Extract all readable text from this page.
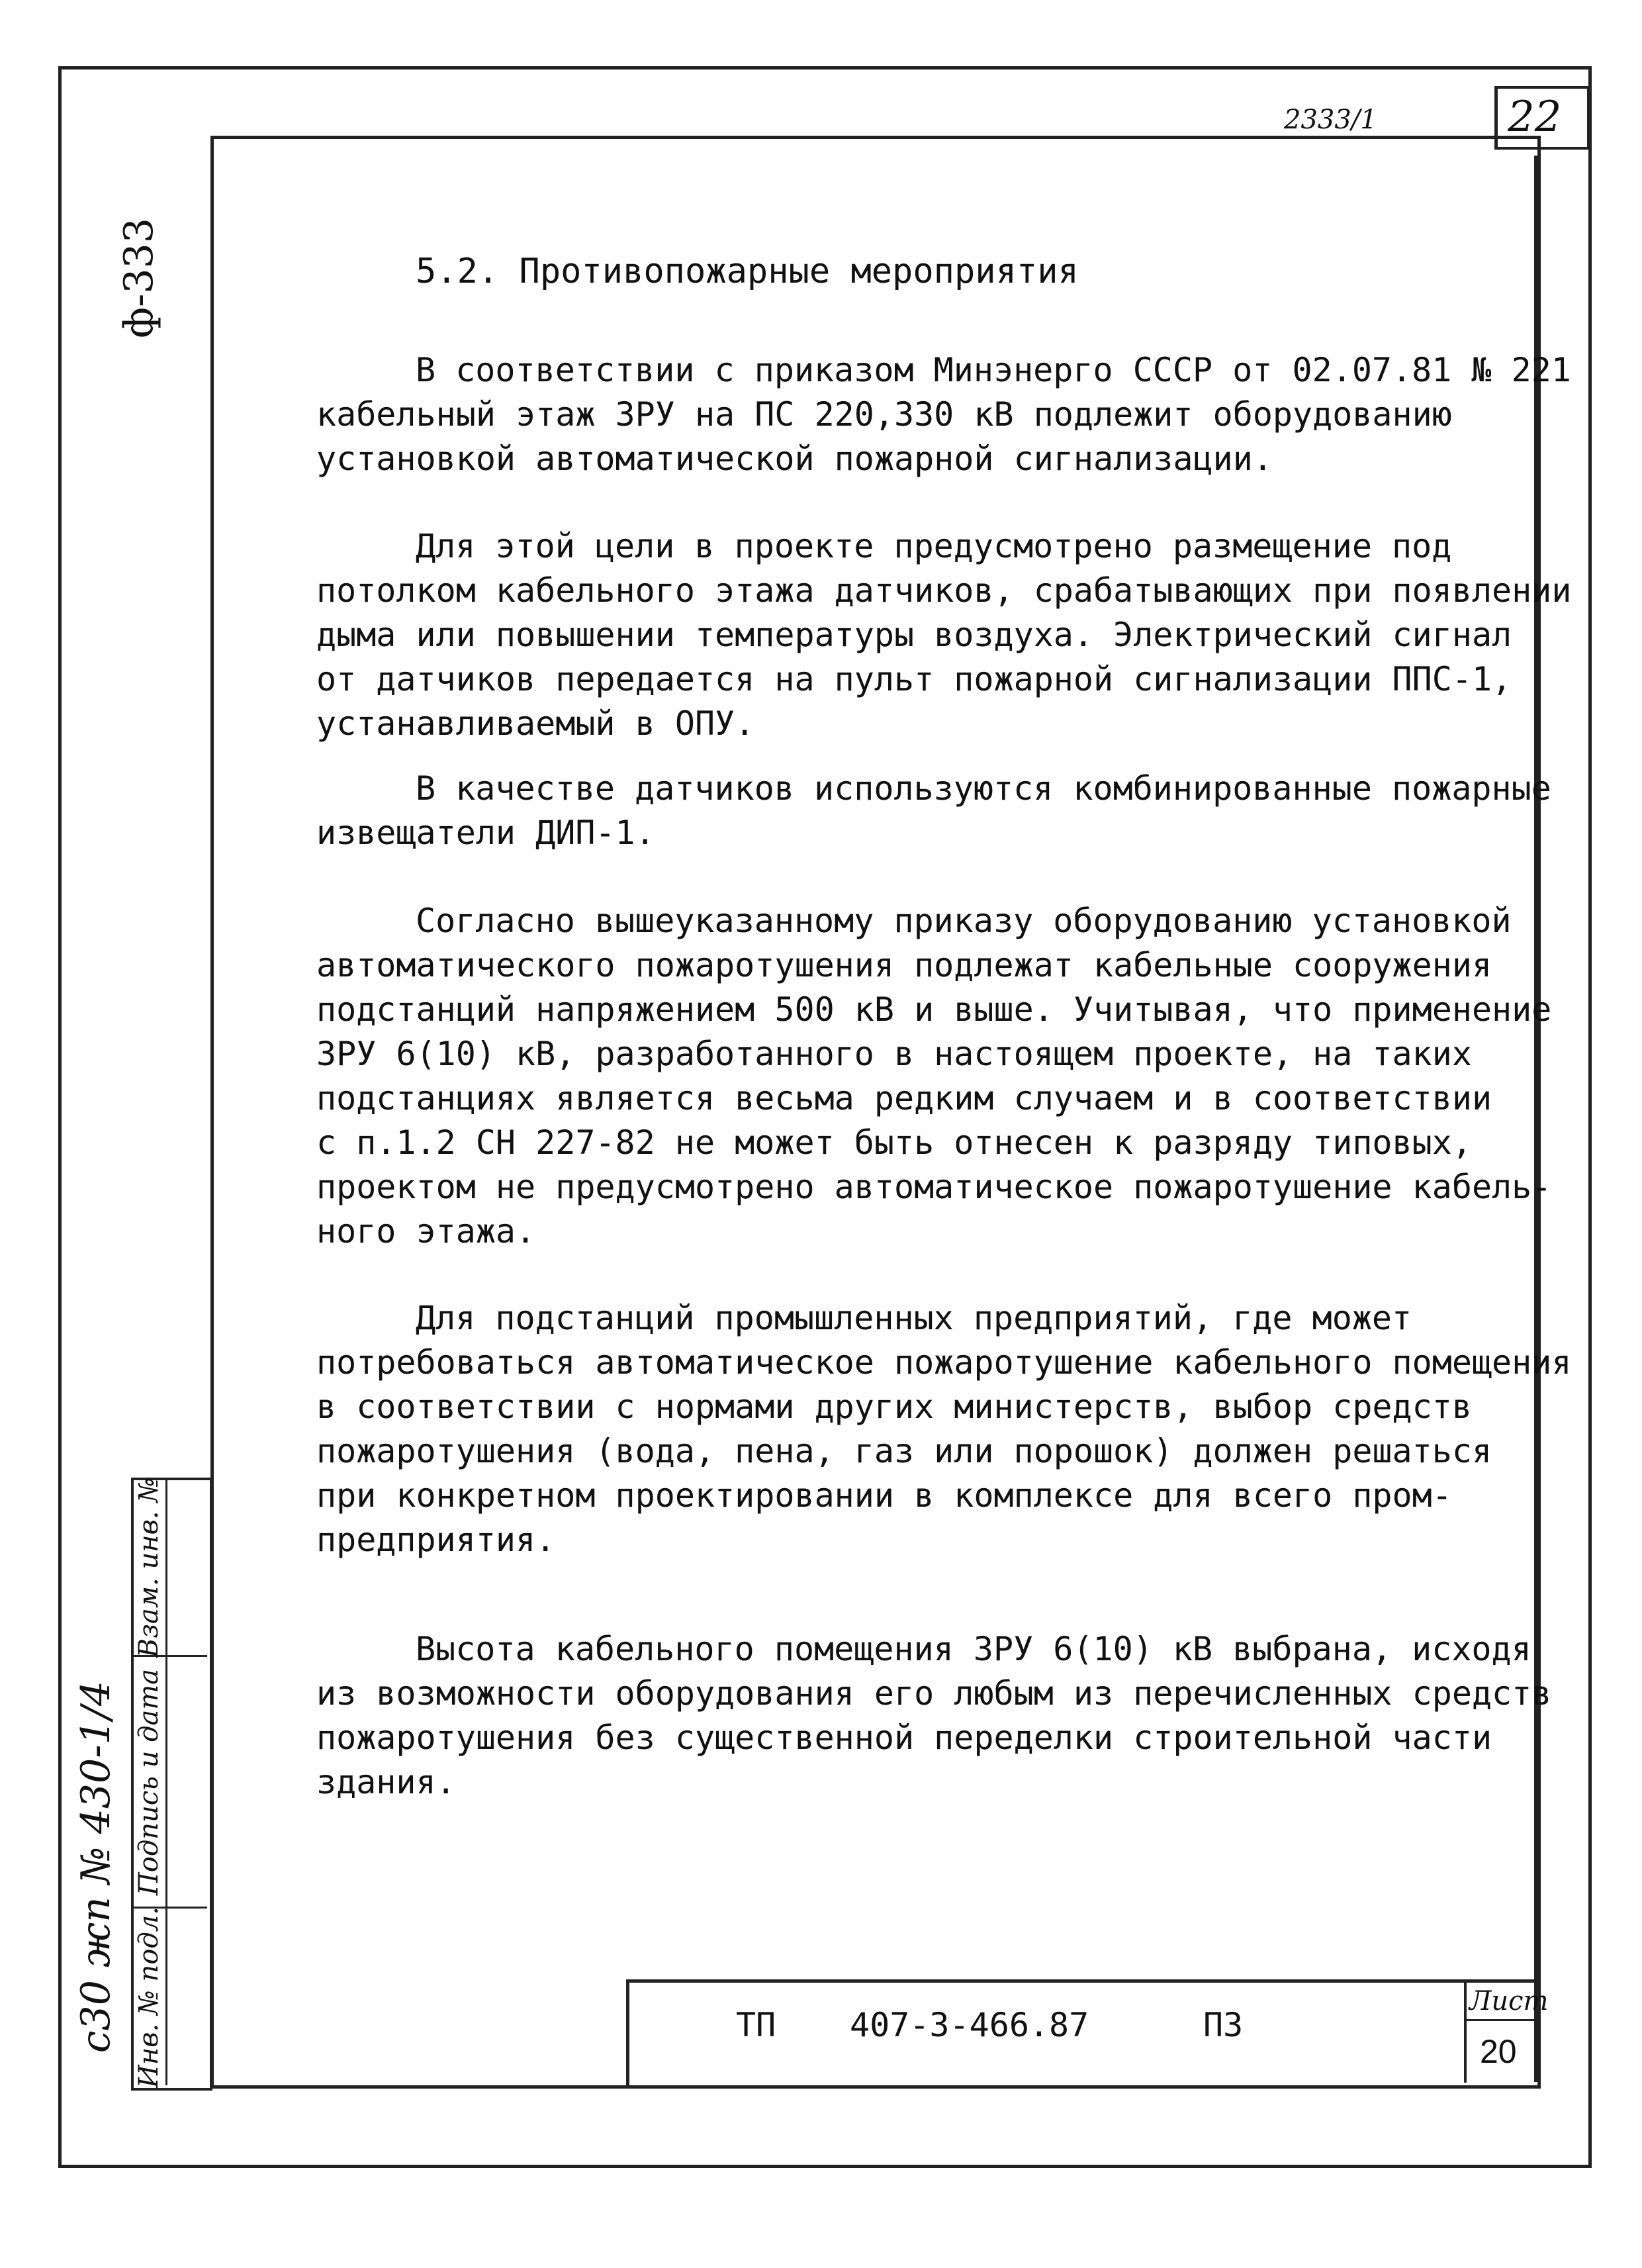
22
2333/1
ф-333
с30 жп № 430-1/4 Инв. № подл.
Подпись и дата
Взам. инв. №
5.2. Противопожарные мероприятия
В соответствии с приказом Минэнерго СССР от 02.07.81 № 221
кабельный этаж ЗРУ на ПС 220,330 кВ подлежит оборудованию
установкой автоматической пожарной сигнализации.
Для этой цели в проекте предусмотрено размещение под
потолком кабельного этажа датчиков, срабатывающих при появлении
дыма или повышении температуры воздуха. Электрический сигнал
от датчиков передается на пульт пожарной сигнализации ППС-1,
устанавливаемый в ОПУ.
В качестве датчиков используются комбинированные пожарные
извещатели ДИП-1.
Согласно вышеуказанному приказу оборудованию установкой
автоматического пожаротушения подлежат кабельные сооружения
подстанций напряжением 500 кВ и выше. Учитывая, что применение
ЗРУ 6(10) кВ, разработанного в настоящем проекте, на таких
подстанциях является весьма редким случаем и в соответствии
с п.1.2 СН 227-82 не может быть отнесен к разряду типовых,
проектом не предусмотрено автоматическое пожаротушение кабель-
ного этажа.
Для подстанций промышленных предприятий, где может
потребоваться автоматическое пожаротушение кабельного помещения
в соответствии с нормами других министерств, выбор средств
пожаротушения (вода, пена, газ или порошок) должен решаться
при конкретном проектировании в комплексе для всего пром-
предприятия.
Высота кабельного помещения ЗРУ 6(10) кВ выбрана, исходя
из возможности оборудования его любым из перечисленных средств
пожаротушения без существенной переделки строительной части
здания.
ТП 407-3-466.87	ПЗ
Лист
20
